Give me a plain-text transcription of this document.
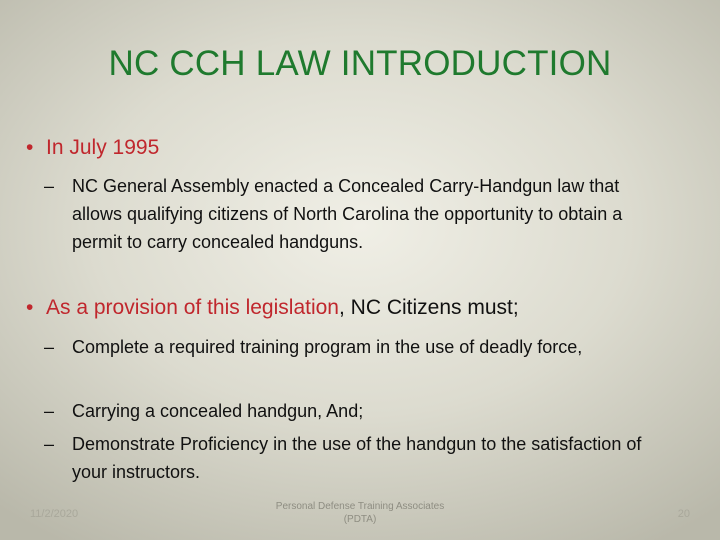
NC CCH LAW INTRODUCTION
• In July 1995
– NC General Assembly enacted a Concealed Carry-Handgun law that allows qualifying citizens of North Carolina the opportunity to obtain a permit to carry concealed handguns.
• As a provision of this legislation, NC Citizens must;
– Complete a required training program in the use of deadly force,
– Carrying a concealed handgun, And;
– Demonstrate Proficiency in the use of the handgun to the satisfaction of your instructors.
11/2/2020
Personal Defense Training Associates
(PDTA)	20
